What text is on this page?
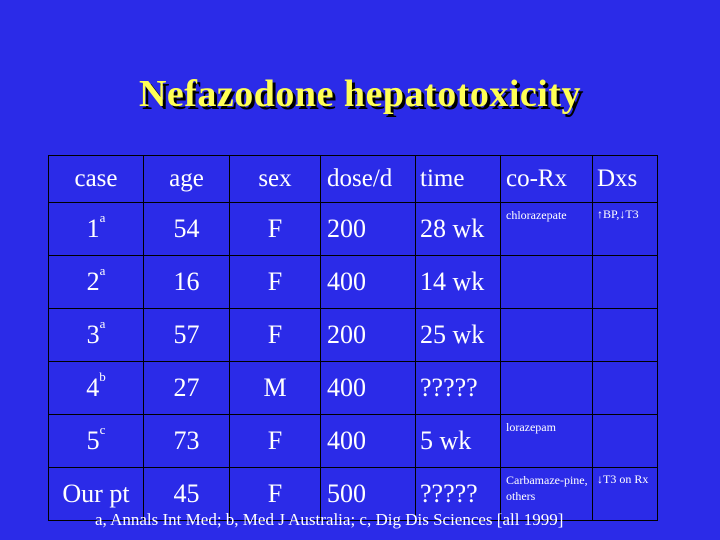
Nefazodone hepatotoxicity
case	age	sex	dose/d	time	co-Rx	Dxs
1$^a$	54	F	200	28 wk	chlorazepate	↑BP,↓T3
2$^a$	16	F	400	14 wk		
3$^a$	57	F	200	25 wk		
4$^b$	27	M	400	?????		
5$^c$	73	F	400	5 wk	lorazepam	
Our pt	45	F	500	?????	Carbamaze-pine, others	↓T3 on Rx
a, Annals Int Med; b, Med J Australia; c, Dig Dis Sciences [all 1999]
